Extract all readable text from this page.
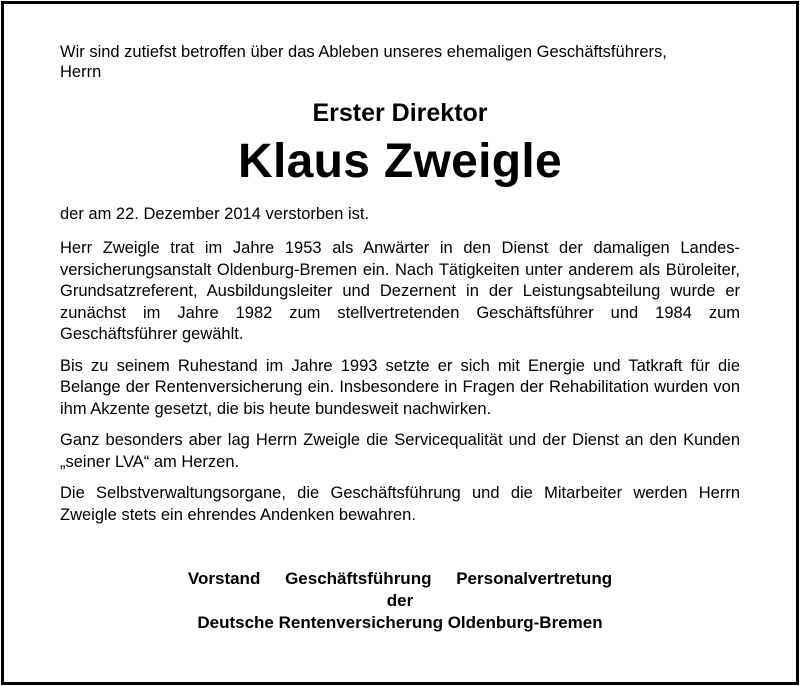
Wir sind zutiefst betroffen über das Ableben unseres ehemaligen Geschäftsführers,
Herrn

Erster Direktor
Klaus Zweigle

der am 22. Dezember 2014 verstorben ist.

Herr Zweigle trat im Jahre 1953 als Anwärter in den Dienst der damaligen Landesversicherungsanstalt Oldenburg-Bremen ein. Nach Tätigkeiten unter anderem als Büroleiter, Grundsatzreferent, Ausbildungsleiter und Dezernent in der Leistungsabteilung wurde er zunächst im Jahre 1982 zum stellvertretenden Geschäftsführer und 1984 zum Geschäftsführer gewählt.

Bis zu seinem Ruhestand im Jahre 1993 setzte er sich mit Energie und Tatkraft für die Belange der Rentenversicherung ein. Insbesondere in Fragen der Rehabilitation wurden von ihm Akzente gesetzt, die bis heute bundesweit nachwirken.

Ganz besonders aber lag Herrn Zweigle die Servicequalität und der Dienst an den Kunden „seiner LVA“ am Herzen.

Die Selbstverwaltungsorgane, die Geschäftsführung und die Mitarbeiter werden Herrn Zweigle stets ein ehrendes Andenken bewahren.

Vorstand Geschäftsführung Personalvertretung
der
Deutsche Rentenversicherung Oldenburg-Bremen
